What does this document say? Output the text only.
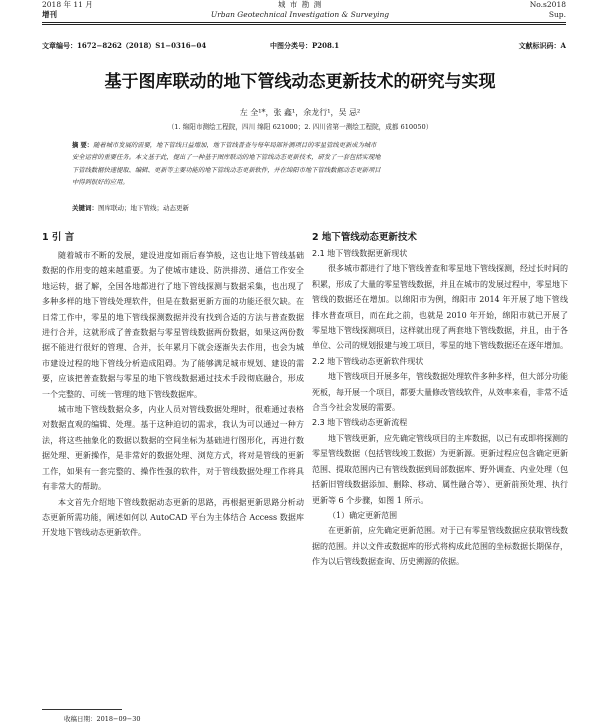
2018 年 11 月
增刊
城 市 勘 测
Urban Geotechnical Investigation & Surveying
No.s2018
Sup.
文章编号：1672−8262（2018）S1−0316−04	中图分类号：P208.1	文献标识码：A
基于图库联动的地下管线动态更新技术的研究与实现
左 全¹*，张 鑫¹，余龙行¹，吴 忌²
（1. 绵阳市测绘工程院，四川 绵阳 621000；2. 四川省第一测绘工程院，成都 610050）
摘 要：随着城市发展的需要，地下管线日益增加，地下管线普查与每年局部补测项目的零星管线更新成为城市
安全运营的重要任务。本文基于此，提出了一种基于图库联动的地下管线动态更新技术，研发了一套包括实现地
下管线数据快速提取、编辑、更新等主要功能的地下管线动态更新软件，并在绵阳市地下管线数据动态更新项目
中得到很好的应用。
关键词：图库联动；地下管线；动态更新
1 引 言

随着城市不断的发展，建设进度如雨后春笋般，这也让地下管线基础数据的作用变的越来越重要。为了使城市建设、防洪排涝、通信工作安全地运转，据了解，全国各地都进行了地下管线探测与数据采集，也出现了多种多样的地下管线处理软件，但是在数据更新方面的功能还很欠缺。在日常工作中，零星的地下管线探测数据并没有找到合适的方法与普查数据进行合并，这就形成了普查数据与零星管线数据两份数据，如果这两份数据不能进行很好的管理、合并，长年累月下就会逐渐失去作用，也会为城市建设过程的地下管线分析造成阻碍。为了能够满足城市规划、建设的需要，应该把普查数据与零星的地下管线数据通过技术手段彻底融合，形成一个完整的、可统一管理的地下管线数据库。

城市地下管线数据众多，内业人员对管线数据处理时，很难通过表格对数据直观的编辑、处理。基于这种迫切的需求，我认为可以通过一种方法，将这些抽象化的数据以数据的空间坐标为基础进行图形化，再进行数据处理、更新操作，是非常好的数据处理、浏览方式，将对是管线的更新工作，如果有一套完整的、操作性强的软件，对于管线数据处理工作将具有非常大的帮助。

本文首先介绍地下管线数据动态更新的思路，再根据更新思路分析动态更新所需功能，阐述如何以 AutoCAD 平台为主体结合 Access 数据库开发地下管线动态更新软件。

2 地下管线动态更新技术
2.1 地下管线数据更新现状

很多城市都进行了地下管线普查和零星地下管线探测，经过长时间的积累，形成了大量的零星管线数据，并且在城市的发展过程中，零星地下管线的数据还在增加。以绵阳市为例，绵阳市 2014 年开展了地下管线排水普查项目，而在此之前，也就是 2010 年开始，绵阳市就已开展了零星地下管线探测项目，这样就出现了两套地下管线数据，并且，由于各单位、公司的规划报建与竣工项目，零星的地下管线数据还在逐年增加。

2.2 地下管线动态更新软件现状

地下管线项目开展多年，管线数据处理软件多种多样，但大部分功能死板，每开展一个项目，都要大量修改管线软件，从效率来看，非常不适合当今社会发展的需要。

2.3 地下管线动态更新流程

地下管线更新，应先确定管线项目的主库数据，以已有或即将探测的零星管线数据（包括管线竣工数据）为更新源。更新过程应包含确定更新范围、提取范围内已有管线数据到局部数据库、野外调查、内业处理（包括新旧管线数据添加、删除、移动、属性融合等）、更新前预处理、执行更新等 6 个步骤，如图 1 所示。

（1）确定更新范围

在更新前，应先确定更新范围。对于已有零星管线数据应获取管线数据的范围。并以文件或数据库的形式将构成此范围的坐标数据长期保存，作为以后管线数据查询、历史溯源的依据。

收稿日期：2018−09−30
